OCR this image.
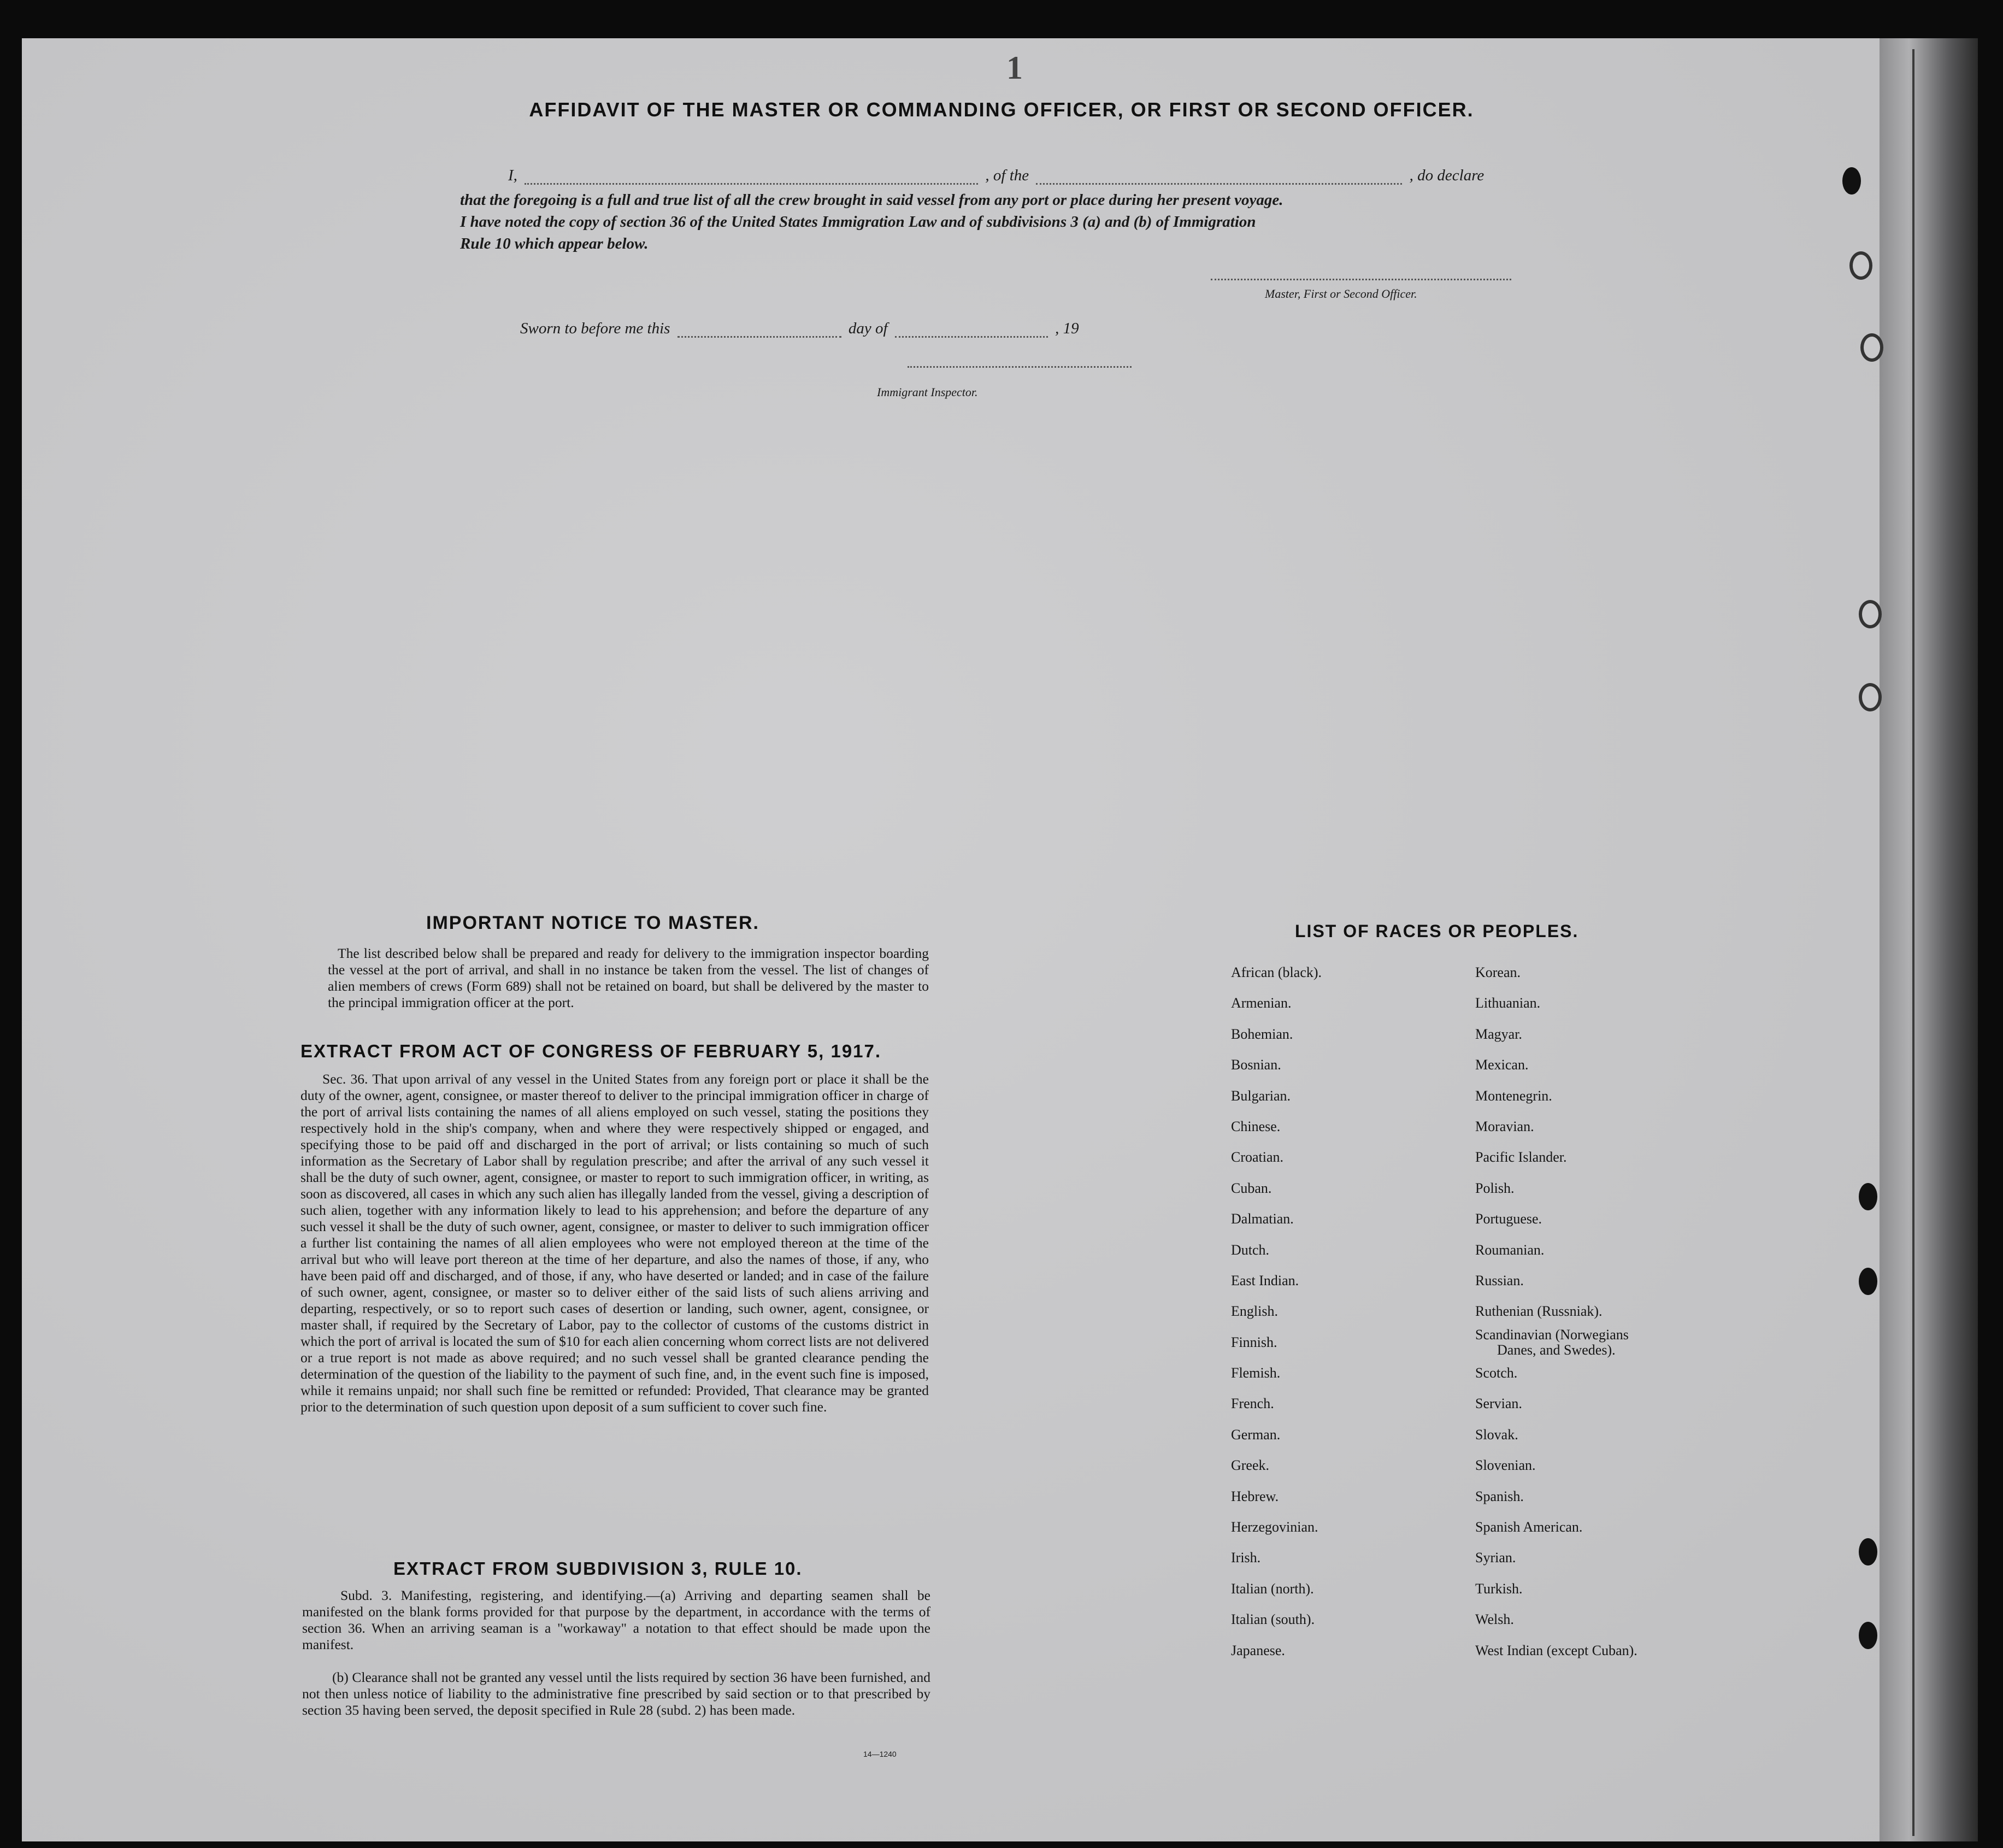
1
AFFIDAVIT OF THE MASTER OR COMMANDING OFFICER, OR FIRST OR SECOND OFFICER.
I,	, of the	, do declare
that the foregoing is a full and true list of all the crew brought in said vessel from any port or place during her present voyage.
I have noted the copy of section 36 of the United States Immigration Law and of subdivisions 3 (a) and (b) of Immigration
Rule 10 which appear below.
Master, First or Second Officer.
Sworn to before me this	day of	, 19
Immigrant Inspector.
IMPORTANT NOTICE TO MASTER.
The list described below shall be prepared and ready for delivery to the immigration inspector boarding the vessel at the port of arrival, and shall in no instance be taken from the vessel. The list of changes of alien members of crews (Form 689) shall not be retained on board, but shall be delivered by the master to the principal immigration officer at the port.
EXTRACT FROM ACT OF CONGRESS OF FEBRUARY 5, 1917.
Sec. 36. That upon arrival of any vessel in the United States from any foreign port or place it shall be the duty of the owner, agent, consignee, or master thereof to deliver to the principal immigration officer in charge of the port of arrival lists containing the names of all aliens employed on such vessel, stating the positions they respectively hold in the ship's company, when and where they were respectively shipped or engaged, and specifying those to be paid off and discharged in the port of arrival; or lists containing so much of such information as the Secretary of Labor shall by regulation prescribe; and after the arrival of any such vessel it shall be the duty of such owner, agent, consignee, or master to report to such immigration officer, in writing, as soon as discovered, all cases in which any such alien has illegally landed from the vessel, giving a description of such alien, together with any information likely to lead to his apprehension; and before the departure of any such vessel it shall be the duty of such owner, agent, consignee, or master to deliver to such immigration officer a further list containing the names of all alien employees who were not employed thereon at the time of the arrival but who will leave port thereon at the time of her departure, and also the names of those, if any, who have been paid off and discharged, and of those, if any, who have deserted or landed; and in case of the failure of such owner, agent, consignee, or master so to deliver either of the said lists of such aliens arriving and departing, respectively, or so to report such cases of desertion or landing, such owner, agent, consignee, or master shall, if required by the Secretary of Labor, pay to the collector of customs of the customs district in which the port of arrival is located the sum of $10 for each alien concerning whom correct lists are not delivered or a true report is not made as above required; and no such vessel shall be granted clearance pending the determination of the question of the liability to the payment of such fine, and, in the event such fine is imposed, while it remains unpaid; nor shall such fine be remitted or refunded: Provided, That clearance may be granted prior to the determination of such question upon deposit of a sum sufficient to cover such fine.
EXTRACT FROM SUBDIVISION 3, RULE 10.
Subd. 3. Manifesting, registering, and identifying.—(a) Arriving and departing seamen shall be manifested on the blank forms provided for that purpose by the department, in accordance with the terms of section 36. When an arriving seaman is a "workaway" a notation to that effect should be made upon the manifest.
(b) Clearance shall not be granted any vessel until the lists required by section 36 have been furnished, and not then unless notice of liability to the administrative fine prescribed by said section or to that prescribed by section 35 having been served, the deposit specified in Rule 28 (subd. 2) has been made.
14—1240
LIST OF RACES OR PEOPLES.
African (black).
Armenian.
Bohemian.
Bosnian.
Bulgarian.
Chinese.
Croatian.
Cuban.
Dalmatian.
Dutch.
East Indian.
English.
Finnish.
Flemish.
French.
German.
Greek.
Hebrew.
Herzegovinian.
Irish.
Italian (north).
Italian (south).
Japanese.
Korean.
Lithuanian.
Magyar.
Mexican.
Montenegrin.
Moravian.
Pacific Islander.
Polish.
Portuguese.
Roumanian.
Russian.
Ruthenian (Russniak).
Scandinavian (Norwegians
Danes, and Swedes).
Scotch.
Servian.
Slovak.
Slovenian.
Spanish.
Spanish American.
Syrian.
Turkish.
Welsh.
West Indian (except Cuban).
